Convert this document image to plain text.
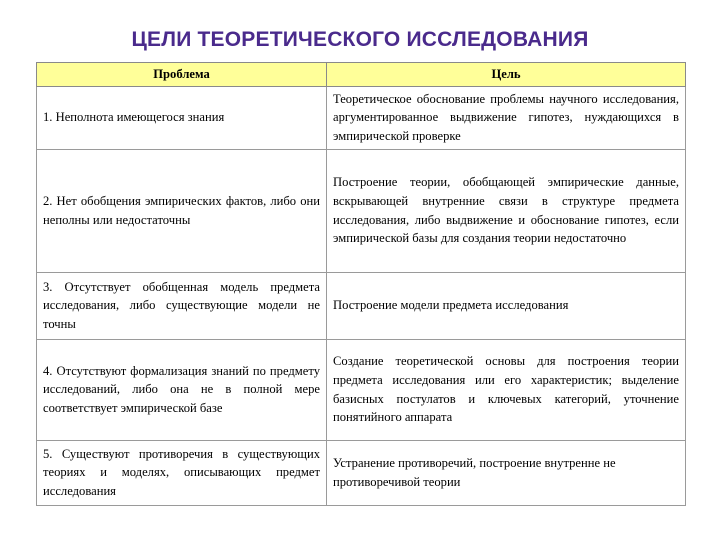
ЦЕЛИ ТЕОРЕТИЧЕСКОГО ИССЛЕДОВАНИЯ
Проблема	Цель
1. Неполнота имеющегося знания	Теоретическое обоснование проблемы научного исследования, аргументированное выдвижение гипотез, нуждающихся в эмпирической проверке
2. Нет обобщения эмпирических фактов, либо они неполны или недостаточны	Построение теории, обобщающей эмпирические данные, вскрывающей внутренние связи в структуре предмета исследования, либо выдвижение и обоснование гипотез, если эмпирической базы для создания теории недостаточно
3. Отсутствует обобщенная модель предмета исследования, либо существующие модели не точны	Построение модели предмета исследования
4. Отсутствуют формализация знаний по предмету исследований, либо она не в полной мере соответствует эмпирической базе	Создание теоретической основы для построения теории предмета исследования или его характеристик; выделение базисных постулатов и ключевых категорий, уточнение понятийного аппарата
5. Существуют противоречия в существующих теориях и моделях, описывающих предмет исследования	Устранение противоречий, построение внутренне не противоречивой теории
